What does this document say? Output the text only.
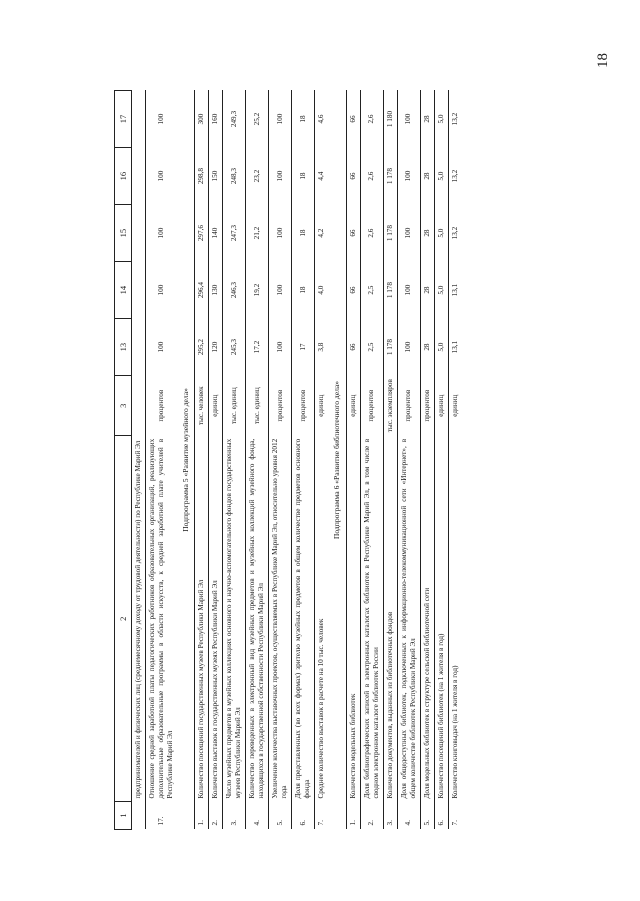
18
1	2	3	13	14	15	16	17
	предпринимателей и физических лиц (среднемесячному доходу от трудовой деятельности) по Республике Марий Эл						
17.	Отношение средней заработной платы педагогических работников образовательных организаций, реализующих дополнительные образовательные программы в области искусств, к средней заработной плате учителей в Республике Марий Эл	процентов	100	100	100	100	100
Подпрограмма 5 «Развитие музейного дела»							
1.	Количество посещений государственных музеев Республики Марий Эл	тыс. человек	295,2	296,4	297,6	298,8	300
2.	Количество выставок в государственных музеях Республики Марий Эл	единиц	120	130	140	150	160
3.	Число музейных предметов в музейных коллекциях основного и научно-вспомогательного фондов государственных музеев Республики Марий Эл	тыс. единиц	245,3	246,3	247,3	248,3	249,3
4.	Количество переведенных в электронный вид музейных предметов и музейных коллекций музейного фонда, находящихся в государственной собственности Республики Марий Эл	тыс. единиц	17,2	19,2	21,2	23,2	25,2
5.	Увеличение количества выставочных проектов, осуществляемых в Республике Марий Эл, относительно уровня 2012 года	процентов	100	100	100	100	100
6.	Доля представленных (во всех формах) зрителю музейных предметов в общем количестве предметов основного фонда	процентов	17	18	18	18	18
7.	Среднее количество выставок в расчете на 10 тыс. человек	единиц	3,8	4,0	4,2	4,4	4,6
Подпрограмма 6 «Развитие библиотечного дела»							
1.	Количество модельных библиотек	единиц	66	66	66	66	66
2.	Доля библиографических записей в электронных каталогах библиотек в Республике Марий Эл, в том числе в сводном электронном каталоге библиотек России	процентов	2,5	2,5	2,6	2,6	2,6
3.	Количество документов, выданных из библиотечных фондов	тыс. экземпляров	1 178	1 178	1 178	1 178	1 180
4.	Доля общедоступных библиотек, подключенных к информационно-телекоммуникационной сети «Интернет», в общем количестве библиотек Республики Марий Эл	процентов	100	100	100	100	100
5.	Доля модельных библиотек в структуре сельской библиотечной сети	процентов	28	28	28	28	28
6.	Количество посещений библиотек (на 1 жителя в год)	единиц	5,0	5,0	5,0	5,0	5,0
7.	Количество книговыдач (на 1 жителя в год)	единиц	13,1	13,1	13,2	13,2	13,2
